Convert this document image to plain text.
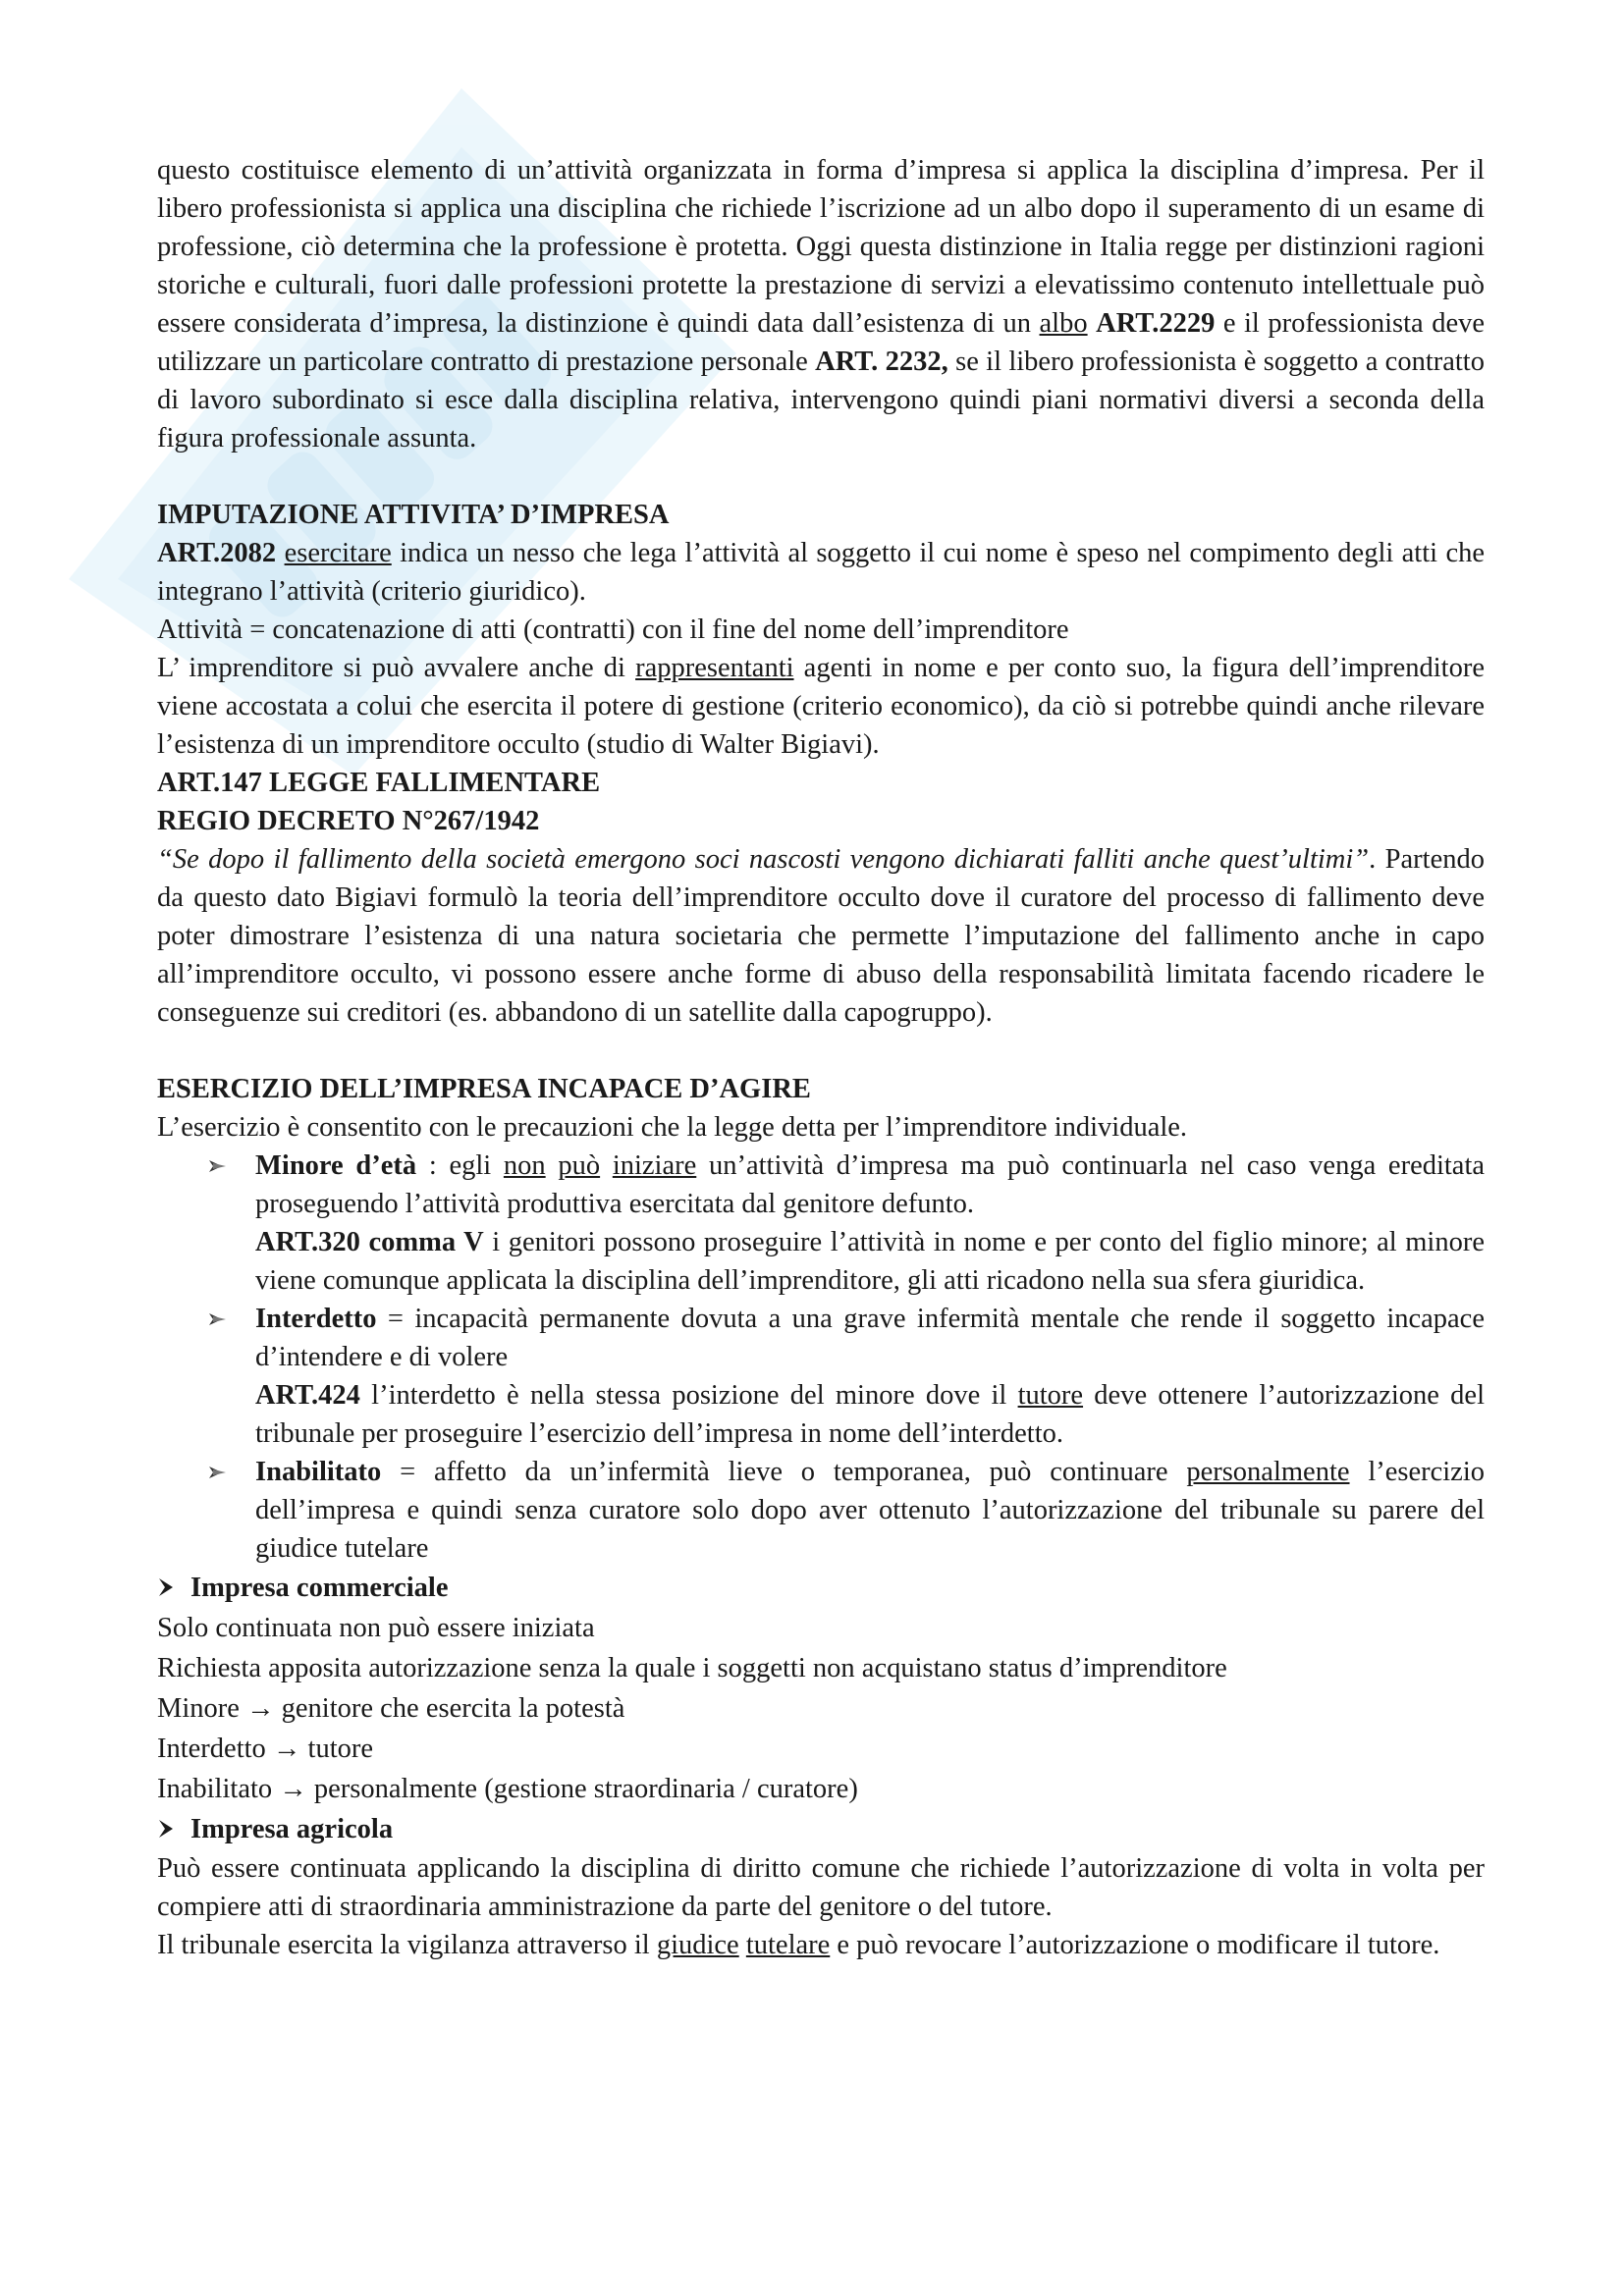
questo costituisce elemento di un’attività organizzata in forma d’impresa si applica la disciplina d’impresa. Per il libero professionista si applica una disciplina che richiede l’iscrizione ad un albo dopo il superamento di un esame di professione, ciò determina che la professione è protetta. Oggi questa distinzione in Italia regge per distinzioni ragioni storiche e culturali, fuori dalle professioni protette la prestazione di servizi a elevatissimo contenuto intellettuale può essere considerata d’impresa, la distinzione è quindi data dall’esistenza di un albo ART.2229 e il professionista deve utilizzare un particolare contratto di prestazione personale ART. 2232, se il libero professionista è soggetto a contratto di lavoro subordinato si esce dalla disciplina relativa, intervengono quindi piani normativi diversi a seconda della figura professionale assunta.

IMPUTAZIONE ATTIVITA’ D’IMPRESA

ART.2082 esercitare indica un nesso che lega l’attività al soggetto il cui nome è speso nel compimento degli atti che integrano l’attività (criterio giuridico).

Attività = concatenazione di atti (contratti) con il fine del nome dell’imprenditore

L’ imprenditore si può avvalere anche di rappresentanti agenti in nome e per conto suo, la figura dell’imprenditore viene accostata a colui che esercita il potere di gestione (criterio economico), da ciò si potrebbe quindi anche rilevare l’esistenza di un imprenditore occulto (studio di Walter Bigiavi).

ART.147 LEGGE FALLIMENTARE

REGIO DECRETO N°267/1942

“Se dopo il fallimento della società emergono soci nascosti vengono dichiarati falliti anche quest’ultimi”. Partendo da questo dato Bigiavi formulò la teoria dell’imprenditore occulto dove il curatore del processo di fallimento deve poter dimostrare l’esistenza di una natura societaria che permette l’imputazione del fallimento anche in capo all’imprenditore occulto, vi possono essere anche forme di abuso della responsabilità limitata facendo ricadere le conseguenze sui creditori (es. abbandono di un satellite dalla capogruppo).

ESERCIZIO DELL’IMPRESA INCAPACE D’AGIRE

L’esercizio è consentito con le precauzioni che la legge detta per l’imprenditore individuale.

Minore d’età : egli non può iniziare un’attività d’impresa ma può continuarla nel caso venga ereditata proseguendo l’attività produttiva esercitata dal genitore defunto.

ART.320 comma V i genitori possono proseguire l’attività in nome e per conto del figlio minore; al minore viene comunque applicata la disciplina dell’imprenditore, gli atti ricadono nella sua sfera giuridica.

Interdetto = incapacità permanente dovuta a una grave infermità mentale che rende il soggetto incapace d’intendere e di volere

ART.424 l’interdetto è nella stessa posizione del minore dove il tutore deve ottenere l’autorizzazione del tribunale per proseguire l’esercizio dell’impresa in nome dell’interdetto.

Inabilitato = affetto da un’infermità lieve o temporanea, può continuare personalmente l’esercizio dell’impresa e quindi senza curatore solo dopo aver ottenuto l’autorizzazione del tribunale su parere del giudice tutelare

Impresa commerciale

Solo continuata non può essere iniziata

Richiesta apposita autorizzazione senza la quale i soggetti non acquistano status d’imprenditore

Minore → genitore che esercita la potestà

Interdetto → tutore

Inabilitato → personalmente (gestione straordinaria / curatore)

Impresa agricola

Può essere continuata applicando la disciplina di diritto comune che richiede l’autorizzazione di volta in volta per compiere atti di straordinaria amministrazione da parte del genitore o del tutore.

Il tribunale esercita la vigilanza attraverso il giudice tutelare e può revocare l’autorizzazione o modificare il tutore.
